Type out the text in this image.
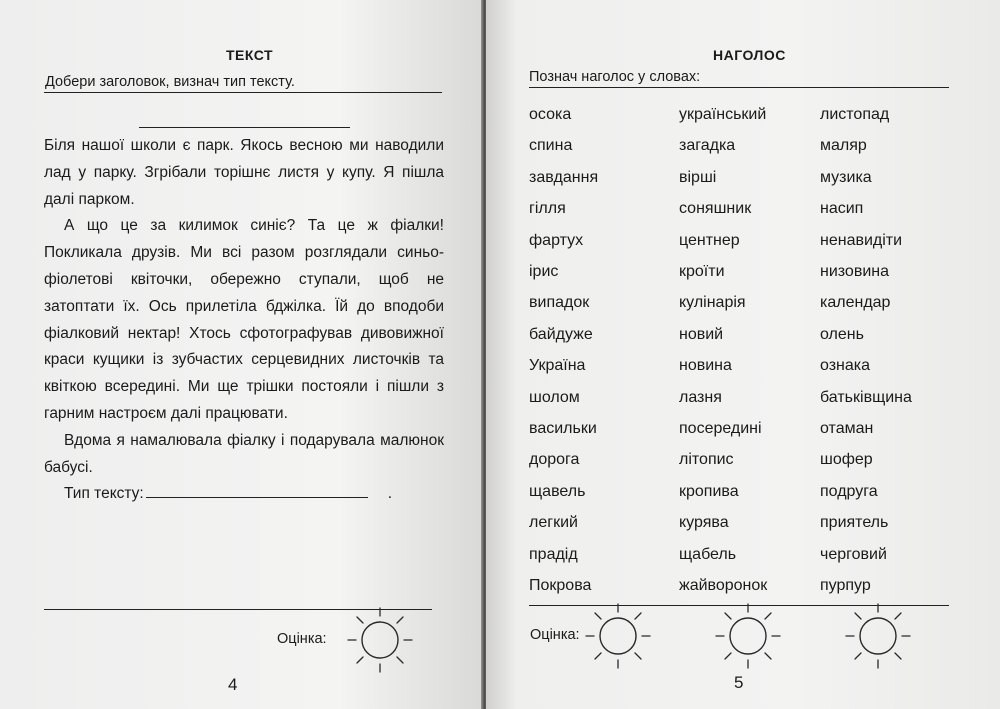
ТЕКСТ
Добери заголовок, визнач тип тексту.

Біля нашої школи є парк. Якось весною ми наводили лад у парку. Згрібали торішнє листя у купу. Я пішла далі парком.

А що це за килимок синіє? Та це ж фіалки! Покликала друзів. Ми всі разом розглядали синьо-фіолетові квіточки, обережно ступали, щоб не затоптати їх. Ось прилетіла бджілка. Їй до вподоби фіалковий нектар! Хтось сфотографував дивовижної краси кущики із зубчастих серцевидних листочків та квіткою всередині. Ми ще трішки постояли і пішли з гарним настроєм далі працювати.

Вдома я намалювала фіалку і подарувала малюнок бабусі.

Тип тексту:	.

Оцінка:
4
НАГОЛОС
Познач наголос у словах:
осока
спина
завдання
гілля
фартух
ірис
випадок
байдуже
Україна
шолом
васильки
дорога
щавель
легкий
прадід
Покрова
український
загадка
вірші
соняшник
центнер
кроїти
кулінарія
новий
новина
лазня
посередині
літопис
кропива
курява
щабель
жайворонок
листопад
маляр
музика
насип
ненавидіти
низовина
календар
олень
ознака
батьківщина
отаман
шофер
подруга
приятель
черговий
пурпур
Оцінка:
5
